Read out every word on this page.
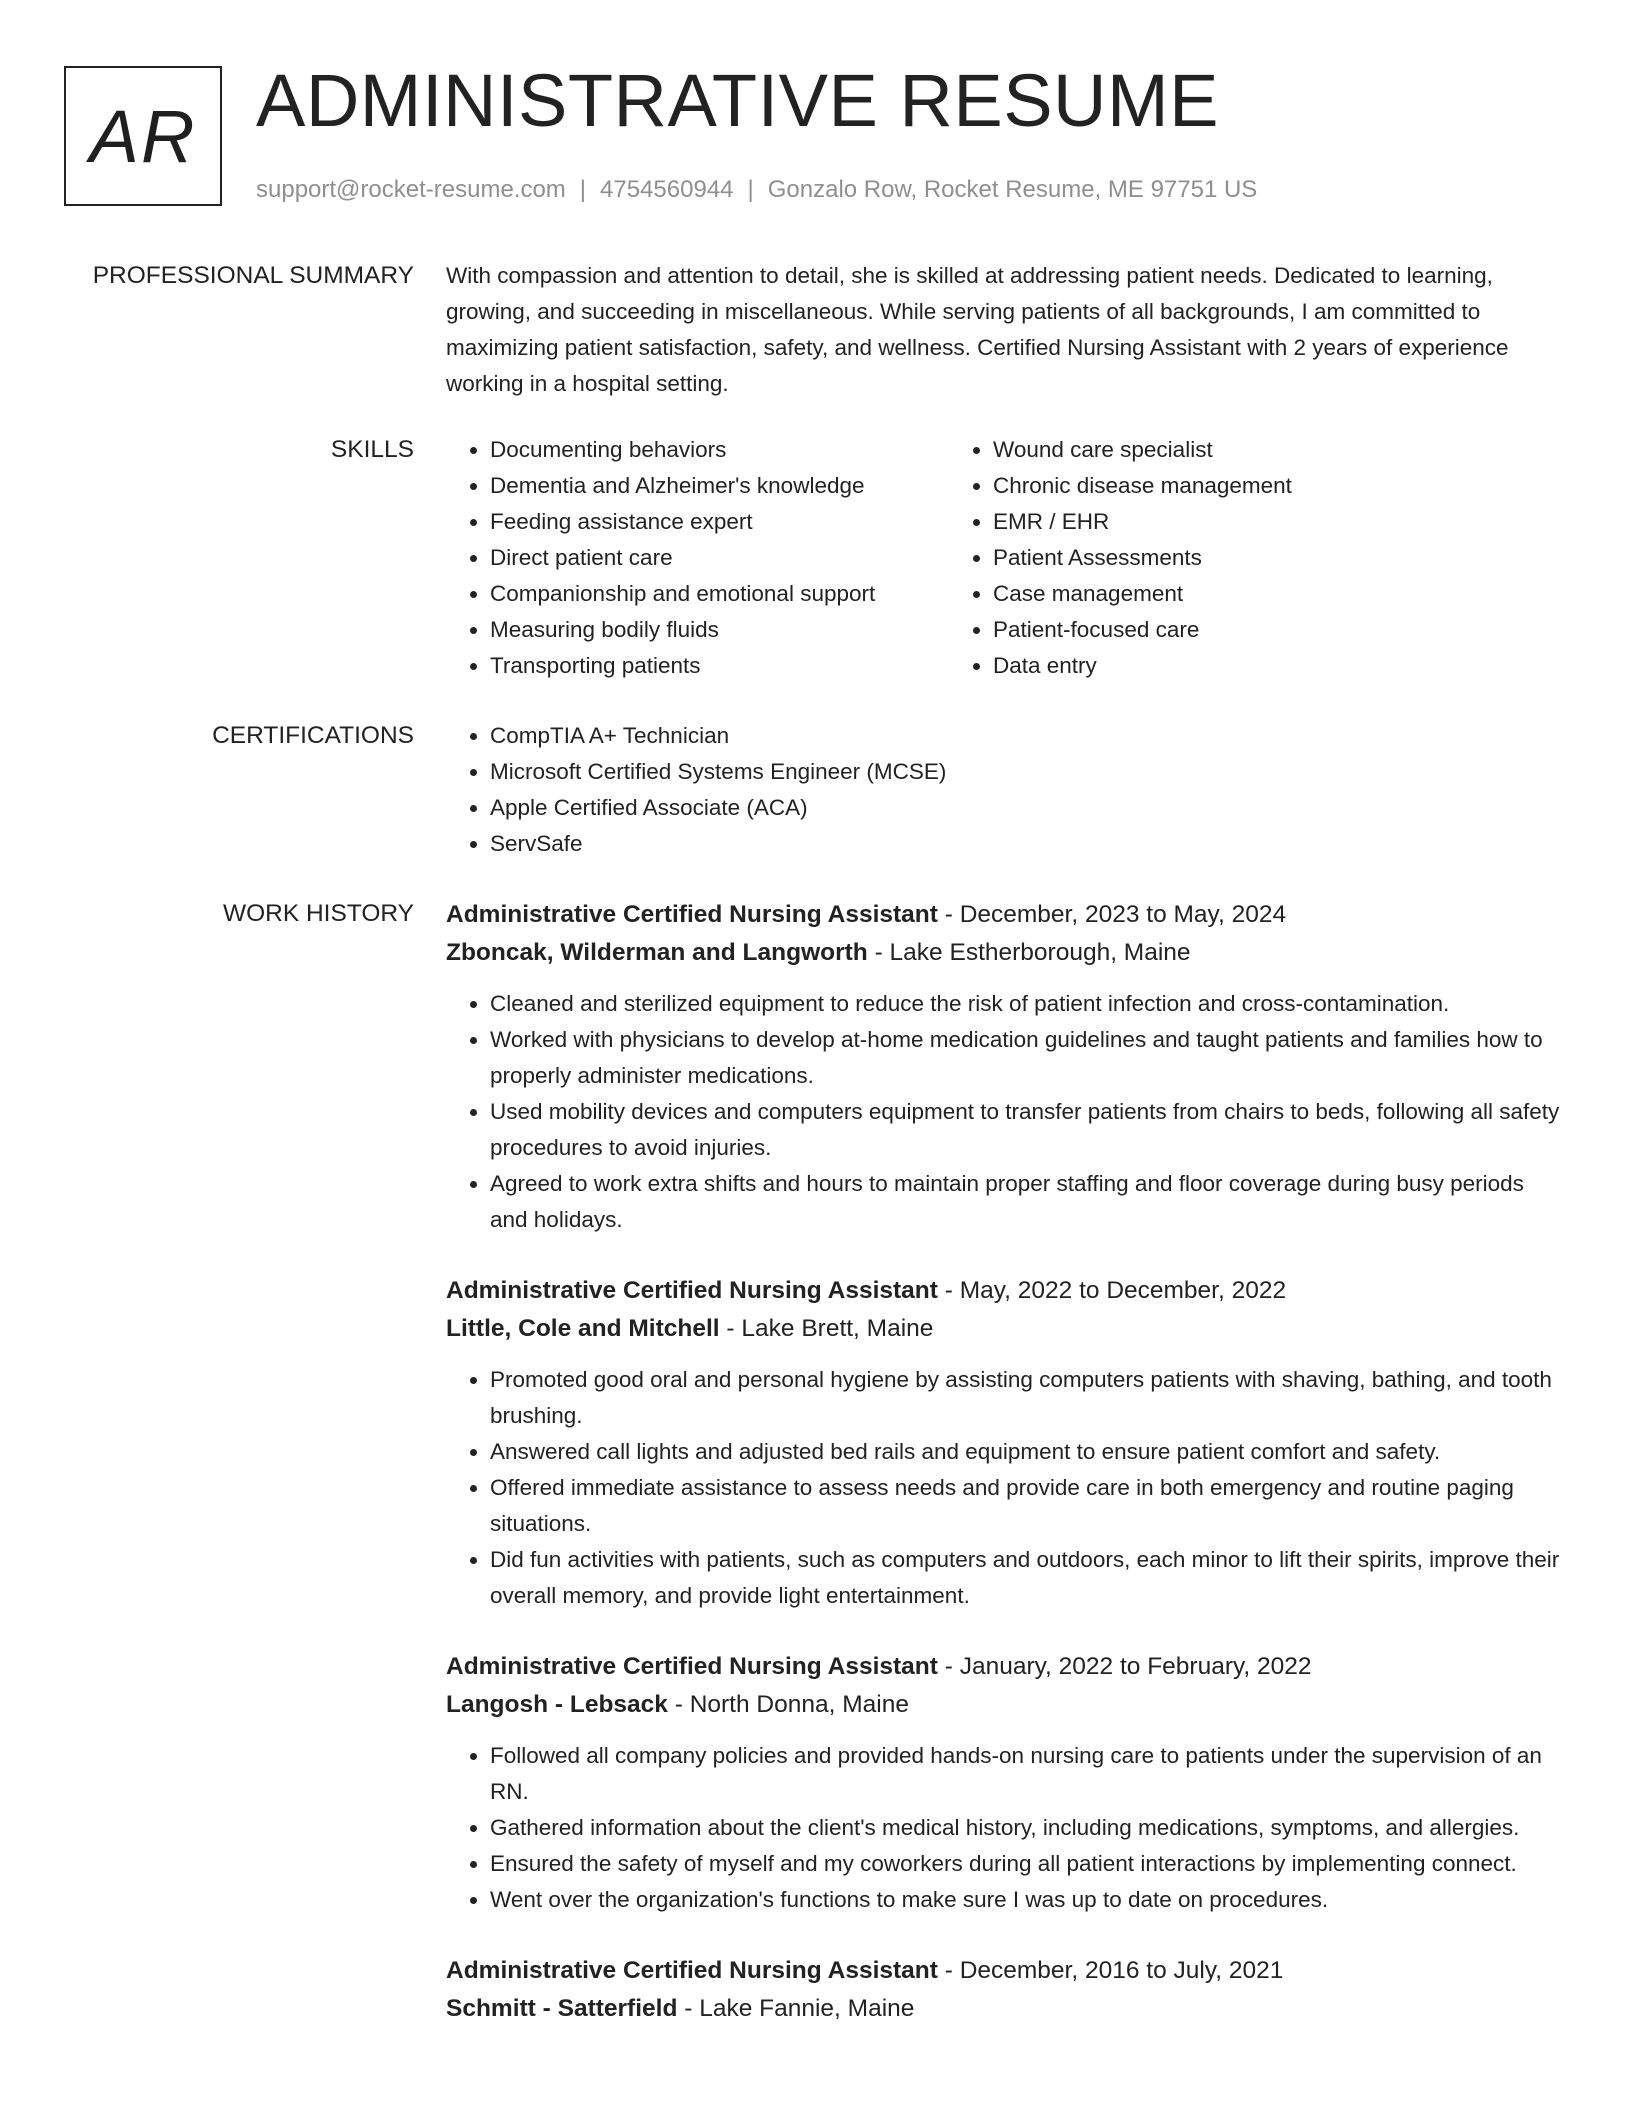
AR ADMINISTRATIVE RESUME
support@rocket-resume.com | 4754560944 | Gonzalo Row, Rocket Resume, ME 97751 US
PROFESSIONAL SUMMARY With compassion and attention to detail, she is skilled at addressing patient needs. Dedicated to learning, growing, and succeeding in miscellaneous. While serving patients of all backgrounds, I am committed to maximizing patient satisfaction, safety, and wellness. Certified Nursing Assistant with 2 years of experience working in a hospital setting.
SKILLS	• Documenting behaviors
• Dementia and Alzheimer's knowledge
• Feeding assistance expert
• Direct patient care
• Companionship and emotional support
• Measuring bodily fluids
• Transporting patients
• Wound care specialist
• Chronic disease management
• EMR / EHR
• Patient Assessments
• Case management
• Patient-focused care
• Data entry
CERTIFICATIONS	• CompTIA A+ Technician
• Microsoft Certified Systems Engineer (MCSE)
• Apple Certified Associate (ACA)
• ServSafe
WORK HISTORY Administrative Certified Nursing Assistant - December, 2023 to May, 2024
Zboncak, Wilderman and Langworth - Lake Estherborough, Maine
• Cleaned and sterilized equipment to reduce the risk of patient infection and cross-contamination.
• Worked with physicians to develop at-home medication guidelines and taught patients and families how to properly administer medications.
• Used mobility devices and computers equipment to transfer patients from chairs to beds, following all safety procedures to avoid injuries.
• Agreed to work extra shifts and hours to maintain proper staffing and floor coverage during busy periods and holidays.
Administrative Certified Nursing Assistant - May, 2022 to December, 2022
Little, Cole and Mitchell - Lake Brett, Maine
• Promoted good oral and personal hygiene by assisting computers patients with shaving, bathing, and tooth brushing.
• Answered call lights and adjusted bed rails and equipment to ensure patient comfort and safety.
• Offered immediate assistance to assess needs and provide care in both emergency and routine paging situations.
• Did fun activities with patients, such as computers and outdoors, each minor to lift their spirits, improve their overall memory, and provide light entertainment.
Administrative Certified Nursing Assistant - January, 2022 to February, 2022
Langosh - Lebsack - North Donna, Maine
• Followed all company policies and provided hands-on nursing care to patients under the supervision of an RN.
• Gathered information about the client's medical history, including medications, symptoms, and allergies.
• Ensured the safety of myself and my coworkers during all patient interactions by implementing connect.
• Went over the organization's functions to make sure I was up to date on procedures.
Administrative Certified Nursing Assistant - December, 2016 to July, 2021
Schmitt - Satterfield - Lake Fannie, Maine
